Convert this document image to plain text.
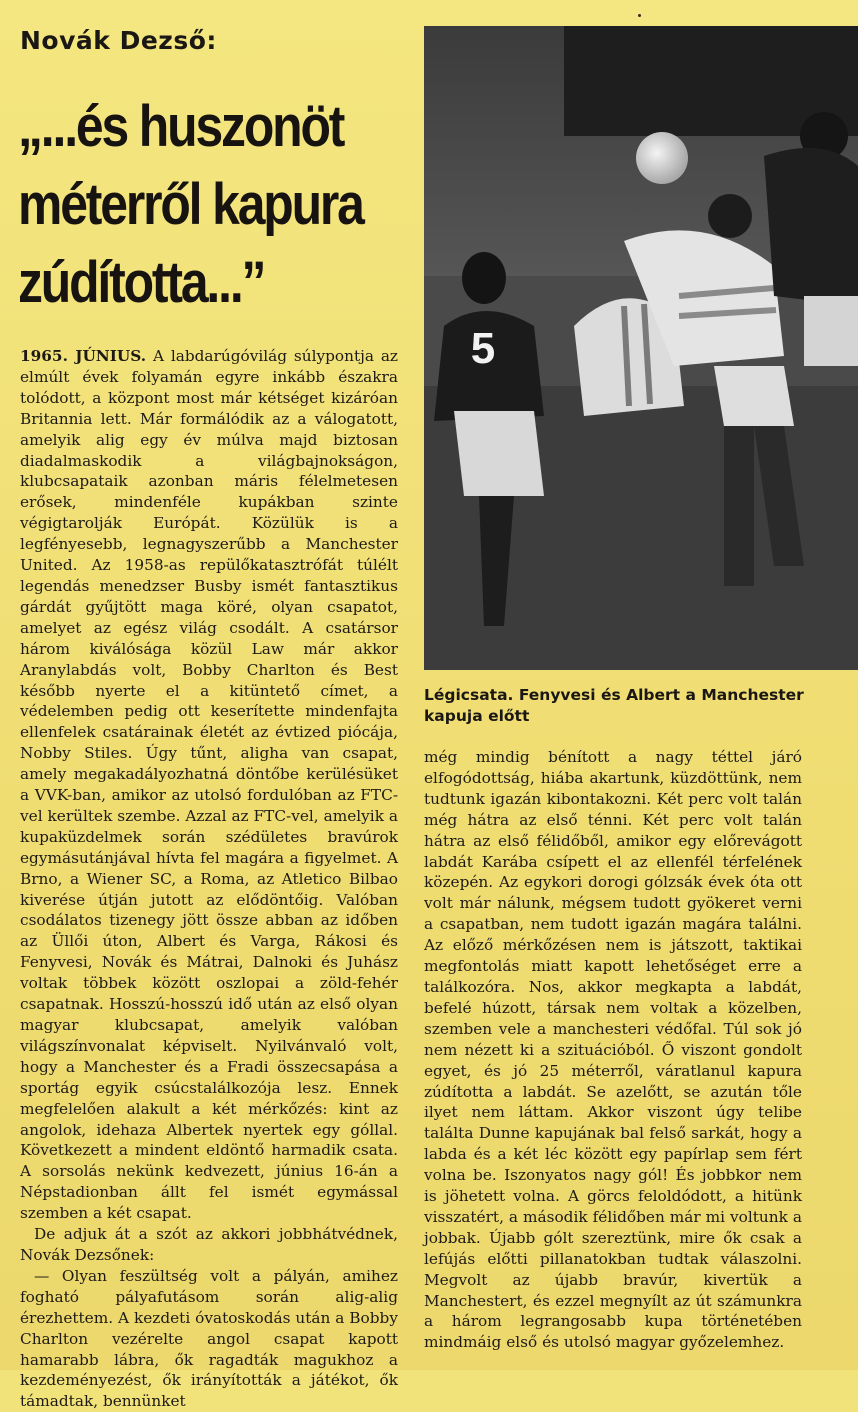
Novák Dezső:
„...és huszonöt
méterről kapura
zúdította...”
5
Légicsata. Fenyvesi és Albert a Manchester kapuja előtt

1965. JÚNIUS. A labdarúgóvilág súlypontja az elmúlt évek folyamán egyre inkább északra tolódott, a központ most már kétséget kizáróan Britannia lett. Már formálódik az a válogatott, amelyik alig egy év múlva majd biztosan diadalmaskodik a világbajnokságon, klubcsapataik azonban máris félelmetesen erősek, mindenféle kupákban szinte végigtarolják Európát. Közülük is a legfényesebb, legnagyszerűbb a Manchester United. Az 1958-as repülőkatasztrófát túlélt legendás menedzser Busby ismét fantasztikus gárdát gyűjtött maga köré, olyan csapatot, amelyet az egész világ csodált. A csatársor három kiválósága közül Law már akkor Aranylabdás volt, Bobby Charlton és Best később nyerte el a kitüntető címet, a védelemben pedig ott keserítette mindenfajta ellenfelek csatárainak életét az évtized piócája, Nobby Stiles. Úgy tűnt, aligha van csapat, amely megakadályozhatná döntőbe kerülésüket a VVK-ban, amikor az utolsó fordulóban az FTC-vel kerültek szembe. Azzal az FTC-vel, amelyik a kupaküzdelmek során szédületes bravúrok egymásutánjával hívta fel magára a figyelmet. A Brno, a Wiener SC, a Roma, az Atletico Bilbao kiverése útján jutott az elődöntőig. Valóban csodálatos tizenegy jött össze abban az időben az Üllői úton, Albert és Varga, Rákosi és Fenyvesi, Novák és Mátrai, Dalnoki és Juhász voltak többek között oszlopai a zöld-fehér csapatnak. Hosszú-hosszú idő után az első olyan magyar klubcsapat, amelyik valóban világszínvonalat képviselt. Nyilvánvaló volt, hogy a Manchester és a Fradi összecsapása a sportág egyik csúcstalálkozója lesz. Ennek megfelelően alakult a két mérkőzés: kint az angolok, idehaza Albertek nyertek egy góllal. Következett a mindent eldöntő harmadik csata. A sorsolás nekünk kedvezett, június 16-án a Népstadionban állt fel ismét egymással szemben a két csapat.

De adjuk át a szót az akkori jobbhátvédnek, Novák Dezsőnek:

— Olyan feszültség volt a pályán, amihez fogható pályafutásom során alig-alig érezhettem. A kezdeti óvatoskodás után a Bobby Charlton vezérelte angol csapat kapott hamarabb lábra, ők ragadták magukhoz a kezdeményezést, ők irányították a játékot, ők támadtak, bennünket

még mindig bénított a nagy téttel járó elfogódottság, hiába akartunk, küzdöttünk, nem tudtunk igazán kibontakozni. Két perc volt talán még hátra az első ténni. Két perc volt talán hátra az első félidőből, amikor egy előrevágott labdát Karába csípett el az ellenfél térfelének közepén. Az egykori dorogi gólzsák évek óta ott volt már nálunk, mégsem tudott gyökeret verni a csapatban, nem tudott igazán magára találni. Az előző mérkőzésen nem is játszott, taktikai megfontolás miatt kapott lehetőséget erre a találkozóra. Nos, akkor megkapta a labdát, befelé húzott, társak nem voltak a közelben, szemben vele a manchesteri védőfal. Túl sok jó nem nézett ki a szituációból. Ő viszont gondolt egyet, és jó 25 méterről, váratlanul kapura zúdította a labdát. Se azelőtt, se azután tőle ilyet nem láttam. Akkor viszont úgy telibe találta Dunne kapujának bal felső sarkát, hogy a labda és a két léc között egy papírlap sem fért volna be. Iszonyatos nagy gól! És jobbkor nem is jöhetett volna. A görcs feloldódott, a hitünk visszatért, a második félidőben már mi voltunk a jobbak. Újabb gólt szereztünk, mire ők csak a lefújás előtti pillanatokban tudtak válaszolni. Megvolt az újabb bravúr, kivertük a Manchestert, és ezzel megnyílt az út számunkra a három legrangosabb kupa történetében mindmáig első és utolsó magyar győzelemhez.
